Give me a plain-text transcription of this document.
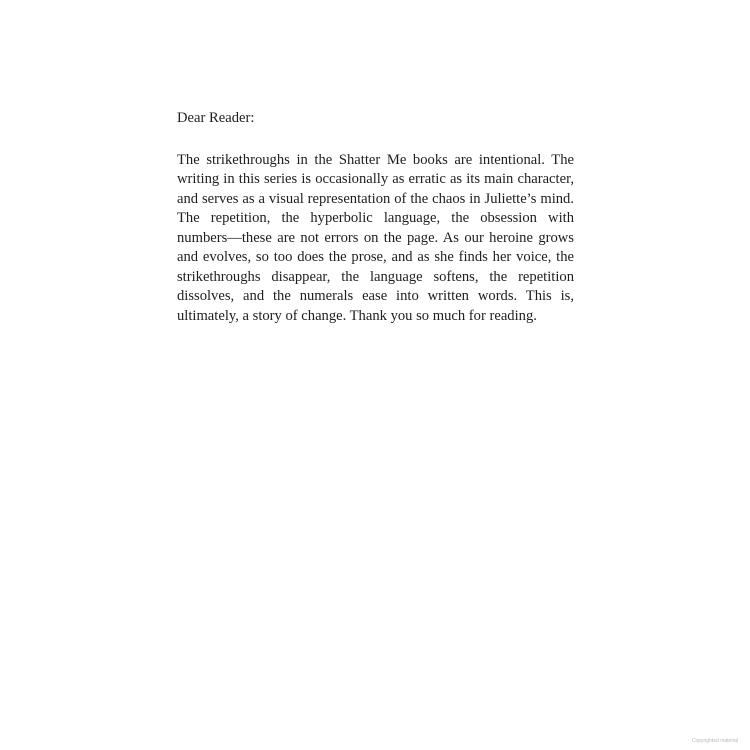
Dear Reader:

The strikethroughs in the Shatter Me books are intentional. The writing in this series is occasionally as erratic as its main character, and serves as a visual representation of the chaos in Juliette’s mind. The repetition, the hyperbolic language, the obsession with numbers—these are not errors on the page. As our heroine grows and evolves, so too does the prose, and as she finds her voice, the strikethroughs disappear, the language softens, the repetition dissolves, and the numerals ease into written words. This is, ultimately, a story of change. Thank you so much for reading.

Copyrighted material
